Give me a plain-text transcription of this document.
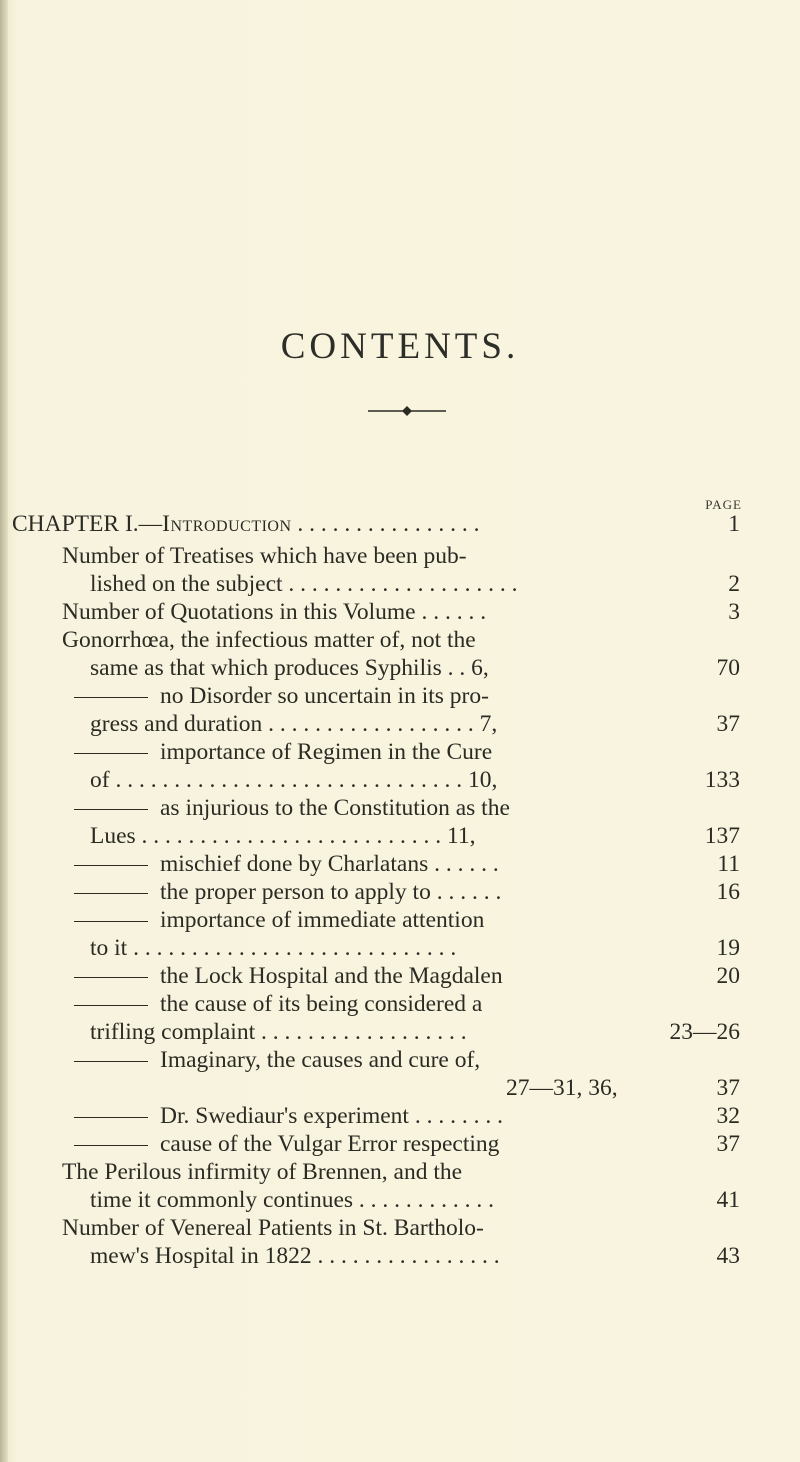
CONTENTS.
PAGE
CHAPTER I.—Introduction . . . . . . . . . . . . . . . .	1
Number of Treatises which have been pub-
lished on the subject . . . . . . . . . . . . . . . . . . . .	2
Number of Quotations in this Volume . . . . . .	3
Gonorrhœa, the infectious matter of, not the
same as that which produces Syphilis . . 6,	70
no Disorder so uncertain in its pro-
gress and duration . . . . . . . . . . . . . . . . . . 7,	37
importance of Regimen in the Cure
of . . . . . . . . . . . . . . . . . . . . . . . . . . . . . . 10,	133
as injurious to the Constitution as the
Lues . . . . . . . . . . . . . . . . . . . . . . . . . . 11,	137
mischief done by Charlatans . . . . . .	11
the proper person to apply to . . . . . .	16
importance of immediate attention
to it . . . . . . . . . . . . . . . . . . . . . . . . . . . .	19
the Lock Hospital and the Magdalen	20
the cause of its being considered a
trifling complaint . . . . . . . . . . . . . . . . . .	23—26
Imaginary, the causes and cure of,
27—31, 36,	37
Dr. Swediaur's experiment . . . . . . . .	32
cause of the Vulgar Error respecting	37
The Perilous infirmity of Brennen, and the
time it commonly continues . . . . . . . . . . . .	41
Number of Venereal Patients in St. Bartholo-
mew's Hospital in 1822 . . . . . . . . . . . . . . . .	43
